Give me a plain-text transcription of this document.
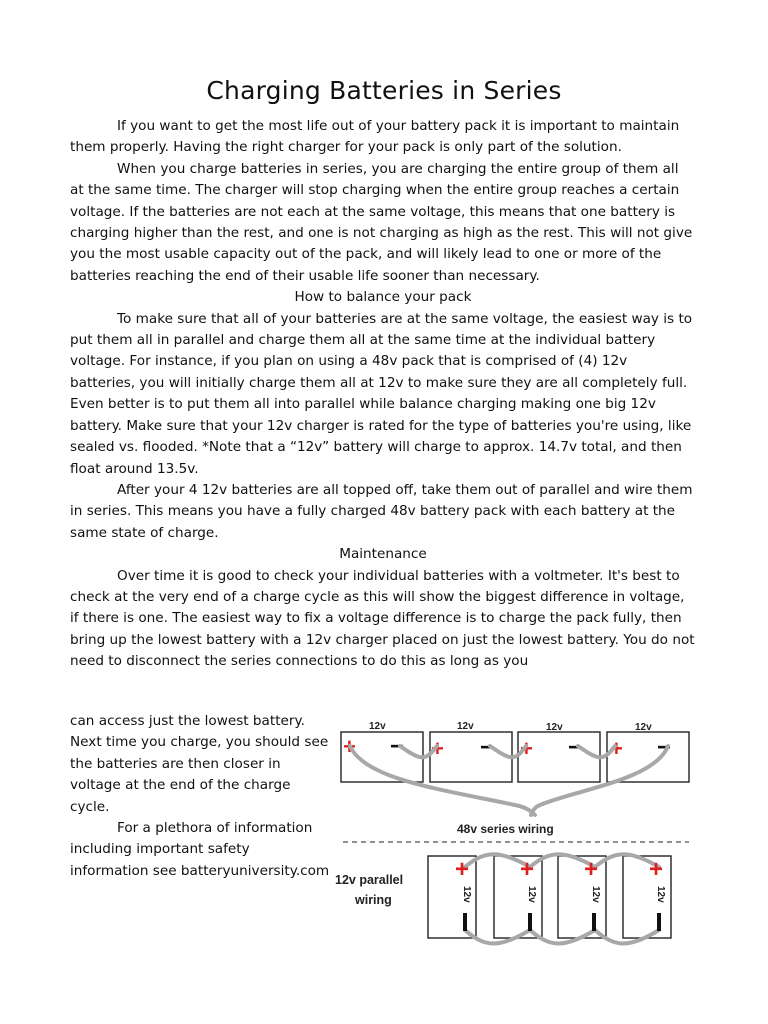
Charging Batteries in Series

If you want to get the most life out of your battery pack it is important to maintain them properly. Having the right charger for your pack is only part of the solution.

When you charge batteries in series, you are charging the entire group of them all at the same time. The charger will stop charging when the entire group reaches a certain voltage. If the batteries are not each at the same voltage, this means that one battery is charging higher than the rest, and one is not charging as high as the rest. This will not give you the most usable capacity out of the pack, and will likely lead to one or more of the batteries reaching the end of their usable life sooner than necessary.

How to balance your pack

To make sure that all of your batteries are at the same voltage, the easiest way is to put them all in parallel and charge them all at the same time at the individual battery voltage. For instance, if you plan on using a 48v pack that is comprised of (4) 12v batteries, you will initially charge them all at 12v to make sure they are all completely full. Even better is to put them all into parallel while balance charging making one big 12v battery. Make sure that your 12v charger is rated for the type of batteries you're using, like sealed vs. flooded. *Note that a “12v” battery will charge to approx. 14.7v total, and then float around 13.5v.

After your 4 12v batteries are all topped off, take them out of parallel and wire them in series. This means you have a fully charged 48v battery pack with each battery at the same state of charge.

Maintenance

Over time it is good to check your individual batteries with a voltmeter. It's best to check at the very end of a charge cycle as this will show the biggest difference in voltage, if there is one. The easiest way to fix a voltage difference is to charge the pack fully, then bring up the lowest battery with a 12v charger placed on just the lowest battery. You do not need to disconnect the series connections to do this as long as you

can access just the lowest battery. Next time you charge, you should see the batteries are then closer in voltage at the end of the charge cycle.

For a plethora of information including important safety information see batteryuniversity.com

12v	12v	12v	12v
+	+	+	+
−	−	−	−
48v series wiring
12v parallel
wiring
+ + + +
12v	12v	12v	12v
